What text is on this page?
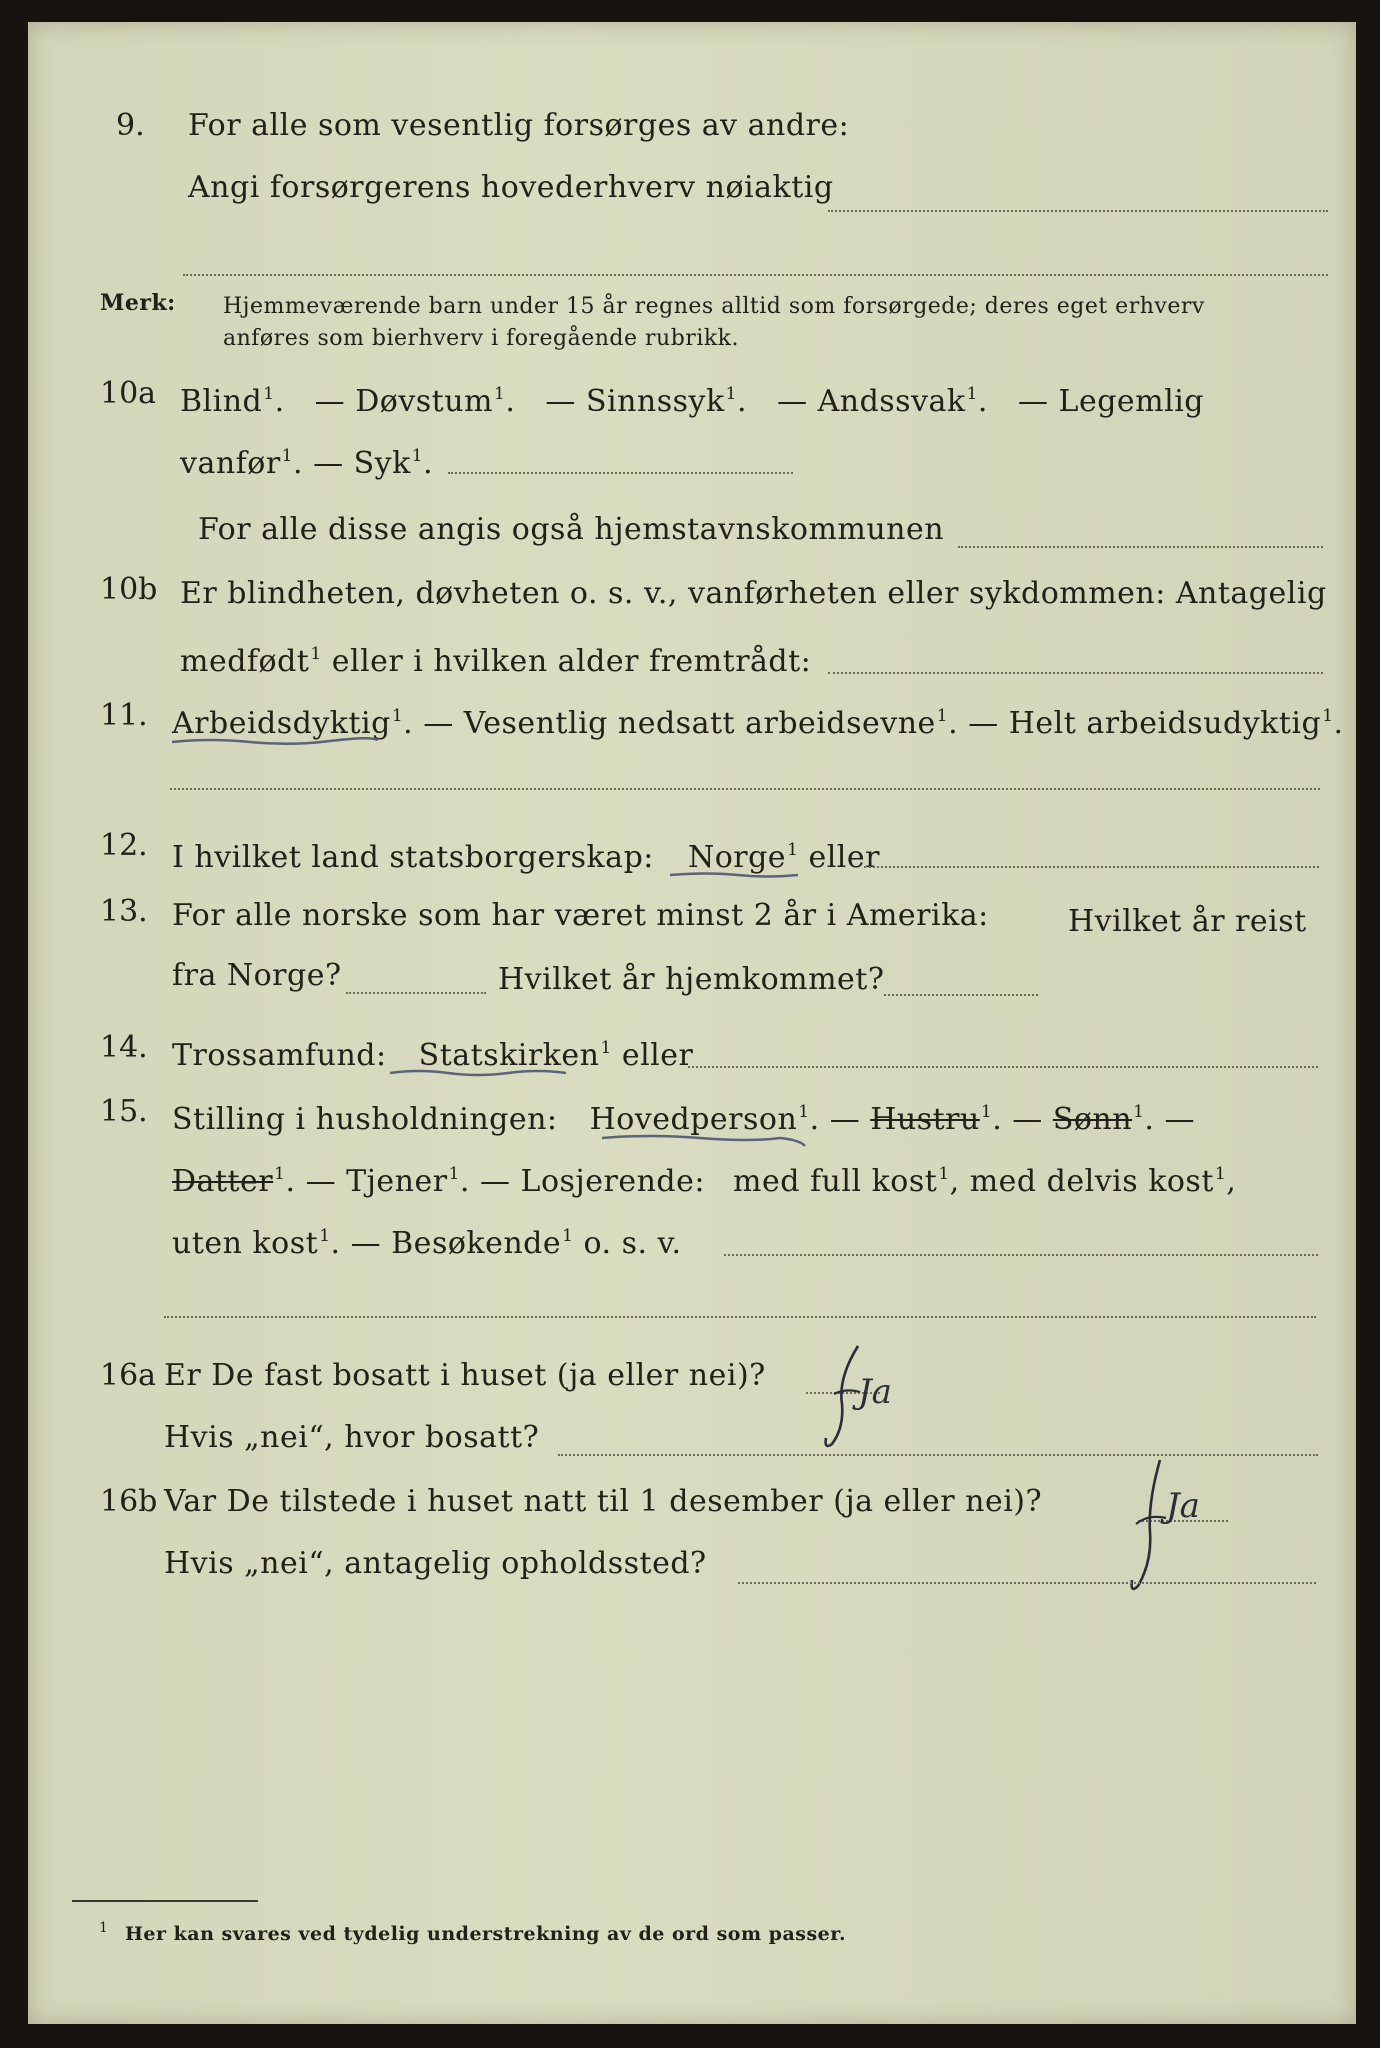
9. For alle som vesentlig forsørges av andre:
Angi forsørgerens hovederhverv nøiaktig
Merk: Hjemmeværende barn under 15 år regnes alltid som forsørgede; deres eget erhverv
anføres som bierhverv i foregående rubrikk.
10a Blind$^1$. — Døvstum$^1$. — Sinnssyk$^1$. — Andssvak$^1$. — Legemlig
vanfør$^1$. — Syk$^1$.
For alle disse angis også hjemstavnskommunen
10b Er blindheten, døvheten o. s. v., vanførheten eller sykdommen: Antagelig
medfødt$^1$ eller i hvilken alder fremtrådt:
11. Arbeidsdyktig$^1$. — Vesentlig nedsatt arbeidsevne$^1$. — Helt arbeidsudyktig$^1$.
12. I hvilket land statsborgerskap: Norge$^1$ eller
13. For alle norske som har været minst 2 år i Amerika:	Hvilket år reist
fra Norge?	Hvilket år hjemkommet?
14. Trossamfund: Statskirken$^1$ eller
15. Stilling i husholdningen: Hovedperson$^1$. — Hustru$^1$. — Sønn$^1$. —
Datter$^1$. — Tjener$^1$. — Losjerende: med full kost$^1$, med delvis kost$^1$,
uten kost$^1$. — Besøkende$^1$ o. s. v.
16a Er De fast bosatt i huset (ja eller nei)?	Ja
Hvis „nei“, hvor bosatt?
16b Var De tilstede i huset natt til 1 desember (ja eller nei)?	Ja
Hvis „nei“, antagelig opholdssted?
$^1$ Her kan svares ved tydelig understrekning av de ord som passer.
